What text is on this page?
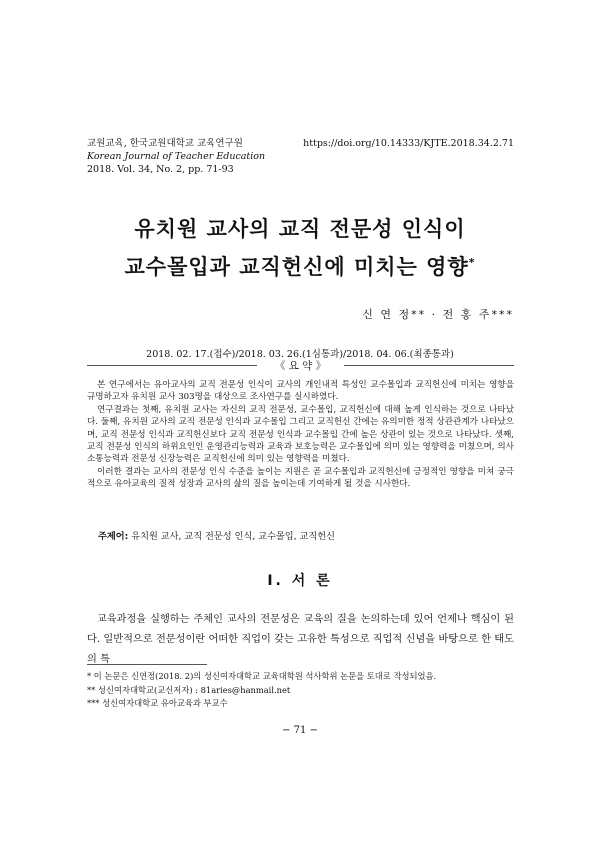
교원교육, 한국교원대학교 교육연구원
Korean Journal of Teacher Education
2018. Vol. 34, No. 2, pp. 71-93
https://doi.org/10.14333/KJTE.2018.34.2.71
유치원 교사의 교직 전문성 인식이
교수몰입과 교직헌신에 미치는 영향*
신 연 정** · 전 홍 주***
2018. 02. 17.(접수)/2018. 03. 26.(1심통과)/2018. 04. 06.(최종통과)
《 요 약 》

본 연구에서는 유아교사의 교직 전문성 인식이 교사의 개인내적 특성인 교수몰입과 교직헌신에 미치는 영향을 규명하고자 유치원 교사 303명을 대상으로 조사연구를 실시하였다.

연구결과는 첫째, 유치원 교사는 자신의 교직 전문성, 교수몰입, 교직헌신에 대해 높게 인식하는 것으로 나타났다. 둘째, 유치원 교사의 교직 전문성 인식과 교수몰입 그리고 교직헌신 간에는 유의미한 정적 상관관계가 나타났으며, 교직 전문성 인식과 교직헌신보다 교직 전문성 인식과 교수몰입 간에 높은 상관이 있는 것으로 나타났다. 셋째, 교직 전문성 인식의 하위요인인 운영관리능력과 교육과 보호능력은 교수몰입에 의미 있는 영향력을 미쳤으며, 의사소통능력과 전문성 신장능력은 교직헌신에 의미 있는 영향력을 미쳤다.

이러한 결과는 교사의 전문성 인식 수준을 높이는 지원은 곧 교수몰입과 교직헌신에 긍정적인 영향을 미쳐 궁극적으로 유아교육의 질적 성장과 교사의 삶의 질을 높이는데 기여하게 될 것을 시사한다.

주제어: 유치원 교사, 교직 전문성 인식, 교수몰입, 교직헌신
Ⅰ. 서 론

교육과정을 실행하는 주체인 교사의 전문성은 교육의 질을 논의하는데 있어 언제나 핵심이 된다. 일반적으로 전문성이란 어떠한 직업이 갖는 고유한 특성으로 직업적 신념을 바탕으로 한 태도의 특

* 이 논문은 신연정(2018. 2)의 성신여자대학교 교육대학원 석사학위 논문을 토대로 작성되었음.
** 성신여자대학교(교신저자) : 81aries@hanmail.net
*** 성신여자대학교 유아교육과 부교수
− 71 −
